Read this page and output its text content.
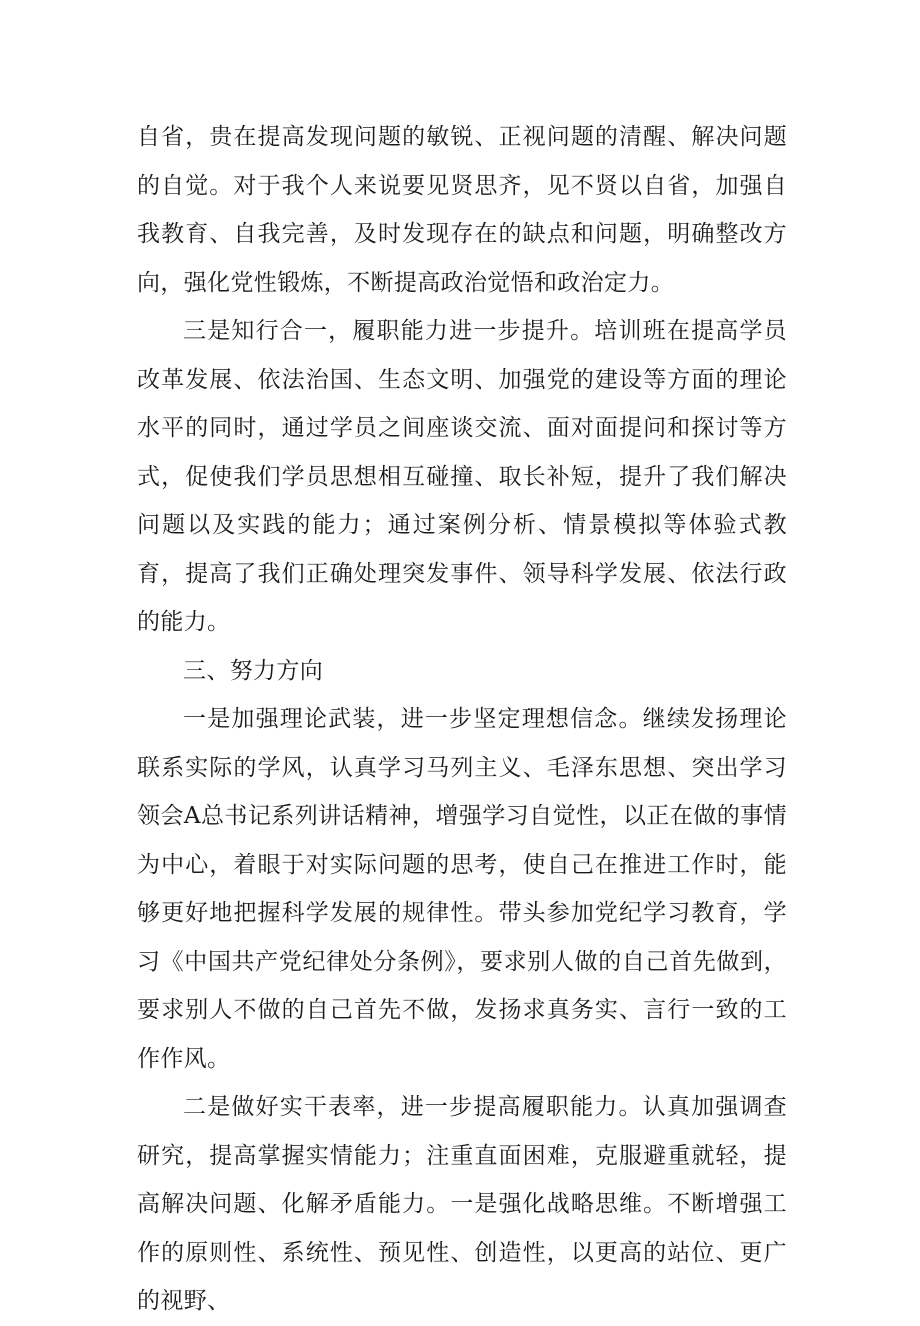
自省，贵在提高发现问题的敏锐、正视问题的清醒、解决问题的自觉。对于我个人来说要见贤思齐，见不贤以自省，加强自我教育、自我完善，及时发现存在的缺点和问题，明确整改方向，强化党性锻炼，不断提高政治觉悟和政治定力。

三是知行合一，履职能力进一步提升。培训班在提高学员改革发展、依法治国、生态文明、加强党的建设等方面的理论水平的同时，通过学员之间座谈交流、面对面提问和探讨等方式，促使我们学员思想相互碰撞、取长补短，提升了我们解决问题以及实践的能力；通过案例分析、情景模拟等体验式教育，提高了我们正确处理突发事件、领导科学发展、依法行政的能力。

三、努力方向

一是加强理论武装，进一步坚定理想信念。继续发扬理论联系实际的学风，认真学习马列主义、毛泽东思想、突出学习领会A总书记系列讲话精神，增强学习自觉性，以正在做的事情为中心，着眼于对实际问题的思考，使自己在推进工作时，能够更好地把握科学发展的规律性。带头参加党纪学习教育，学习《中国共产党纪律处分条例》，要求别人做的自己首先做到，要求别人不做的自己首先不做，发扬求真务实、言行一致的工作作风。

二是做好实干表率，进一步提高履职能力。认真加强调查研究，提高掌握实情能力；注重直面困难，克服避重就轻，提高解决问题、化解矛盾能力。一是强化战略思维。不断增强工作的原则性、系统性、预见性、创造性，以更高的站位、更广的视野、
